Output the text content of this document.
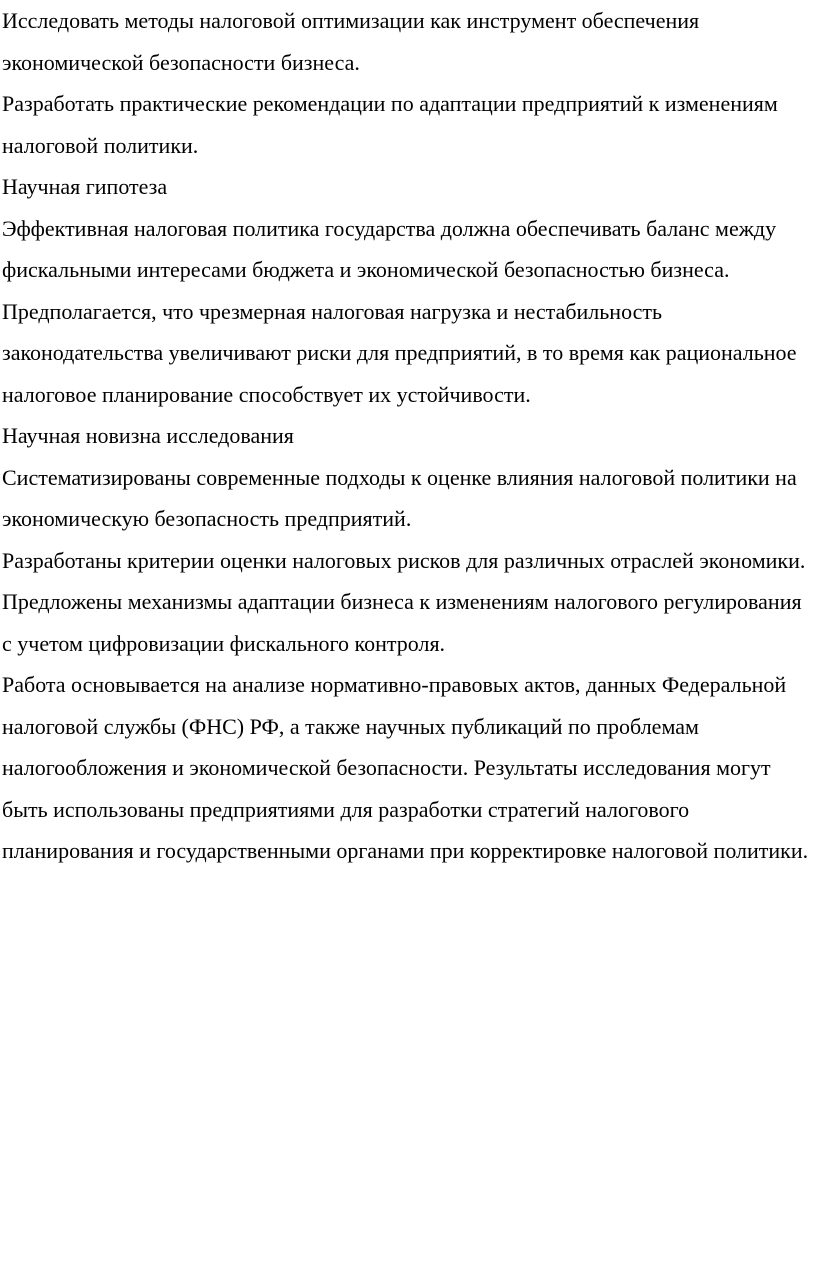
Исследовать методы налоговой оптимизации как инструмент обеспечения экономической безопасности бизнеса.

Разработать практические рекомендации по адаптации предприятий к изменениям налоговой политики.

Научная гипотеза

Эффективная налоговая политика государства должна обеспечивать баланс между фискальными интересами бюджета и экономической безопасностью бизнеса. Предполагается, что чрезмерная налоговая нагрузка и нестабильность законодательства увеличивают риски для предприятий, в то время как рациональное налоговое планирование способствует их устойчивости.

Научная новизна исследования

Систематизированы современные подходы к оценке влияния налоговой политики на экономическую безопасность предприятий.

Разработаны критерии оценки налоговых рисков для различных отраслей экономики.

Предложены механизмы адаптации бизнеса к изменениям налогового регулирования с учетом цифровизации фискального контроля.

Работа основывается на анализе нормативно-правовых актов, данных Федеральной налоговой службы (ФНС) РФ, а также научных публикаций по проблемам налогообложения и экономической безопасности. Результаты исследования могут быть использованы предприятиями для разработки стратегий налогового планирования и государственными органами при корректировке налоговой политики.
